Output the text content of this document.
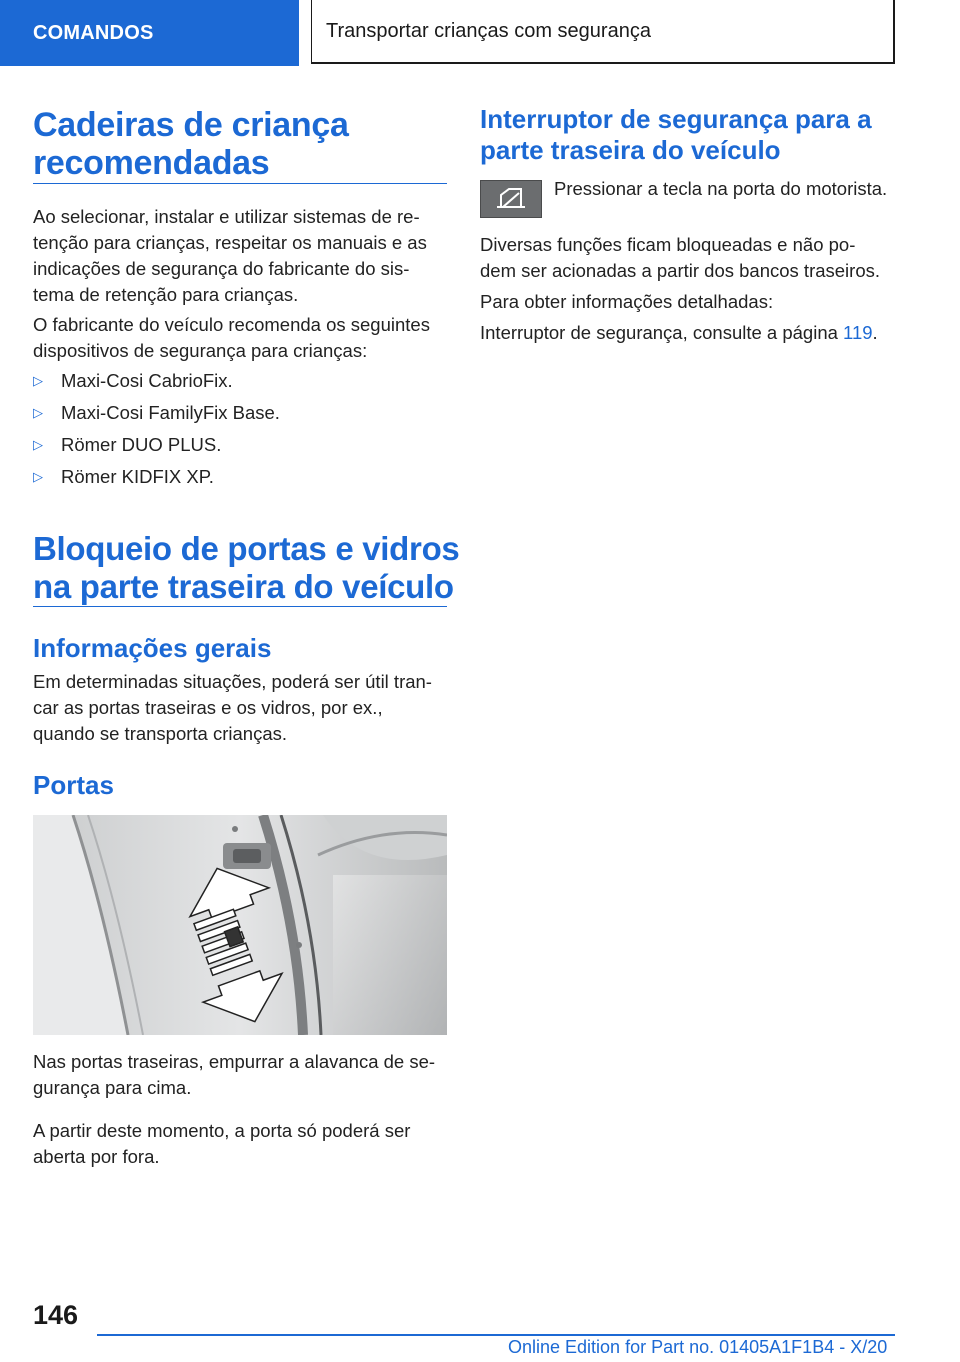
COMANDOS	Transportar crianças com segurança
Cadeiras de criança
recomendadas

Ao selecionar, instalar e utilizar sistemas de re-
tenção para crianças, respeitar os manuais e as
indicações de segurança do fabricante do sis-
tema de retenção para crianças.

O fabricante do veículo recomenda os seguintes
dispositivos de segurança para crianças:

▷ Maxi-Cosi CabrioFix.
▷ Maxi-Cosi FamilyFix Base.
▷ Römer DUO PLUS.
▷ Römer KIDFIX XP.
Bloqueio de portas e vidros
na parte traseira do veículo
Informações gerais

Em determinadas situações, poderá ser útil tran-
car as portas traseiras e os vidros, por ex.,
quando se transporta crianças.

Portas

Nas portas traseiras, empurrar a alavanca de se-
gurança para cima.

A partir deste momento, a porta só poderá ser
aberta por fora.

Interruptor de segurança para a
parte traseira do veículo

Pressionar a tecla na porta do motorista.

Diversas funções ficam bloqueadas e não po-
dem ser acionadas a partir dos bancos traseiros.

Para obter informações detalhadas:

Interruptor de segurança, consulte a página 119.

146
Online Edition for Part no. 01405A1F1B4 - X/20
